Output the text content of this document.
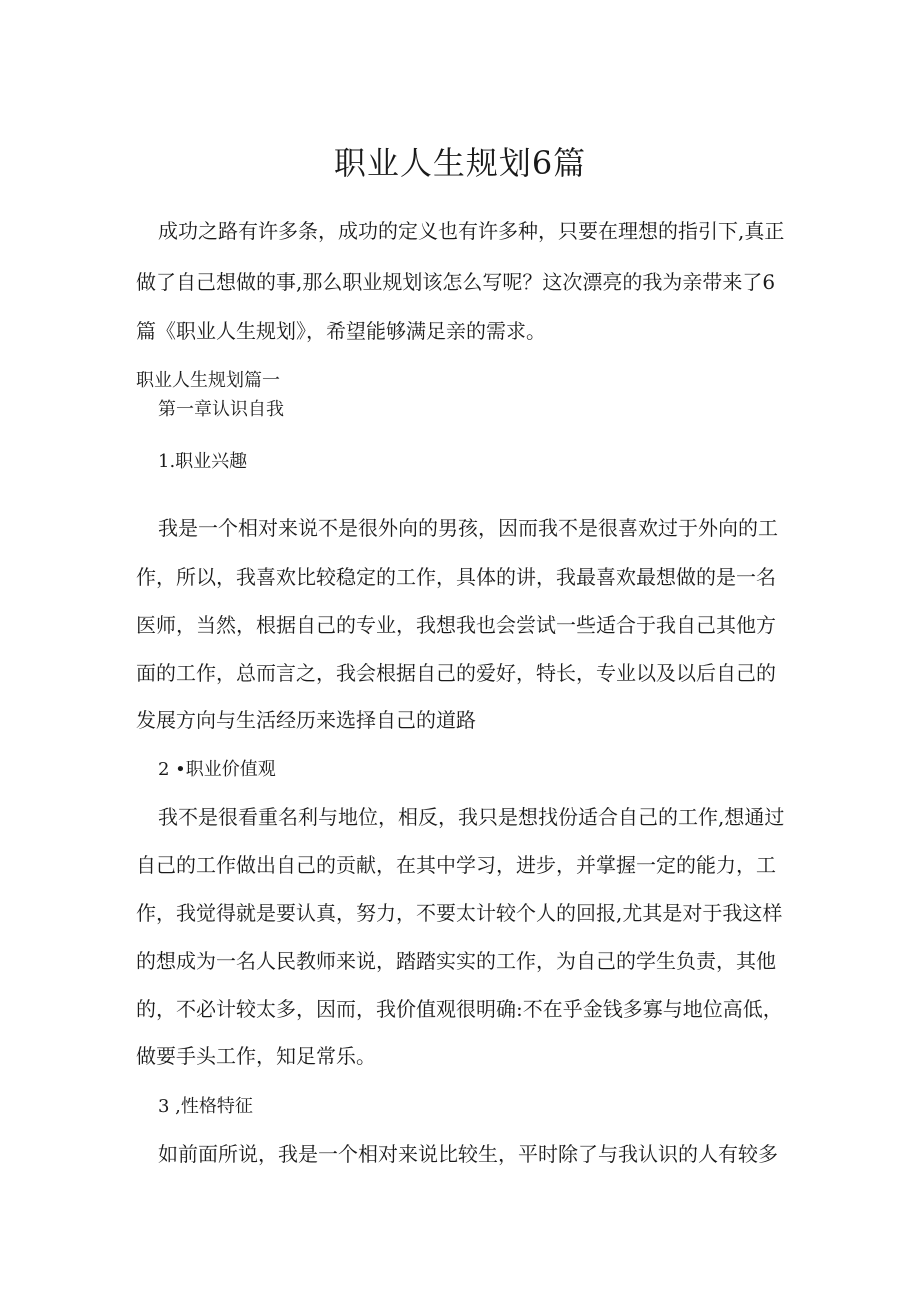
职业人生规划6篇

成功之路有许多条，成功的定义也有许多种，只要在理想的指引下,真正

做了自己想做的事,那么职业规划该怎么写呢？这次漂亮的我为亲带来了6

篇《职业人生规划》，希望能够满足亲的需求。

职业人生规划篇一

第一章认识自我

1.职业兴趣

我是一个相对来说不是很外向的男孩，因而我不是很喜欢过于外向的工

作，所以，我喜欢比较稳定的工作，具体的讲，我最喜欢最想做的是一名

医师，当然，根据自己的专业，我想我也会尝试一些适合于我自己其他方

面的工作，总而言之，我会根据自己的爱好，特长，专业以及以后自己的

发展方向与生活经历来选择自己的道路

2 •职业价值观

我不是很看重名利与地位，相反，我只是想找份适合自己的工作,想通过

自己的工作做出自己的贡献，在其中学习，进步，并掌握一定的能力，工

作，我觉得就是要认真，努力，不要太计较个人的回报,尤其是对于我这样

的想成为一名人民教师来说，踏踏实实的工作，为自己的学生负责，其他

的，不必计较太多，因而，我价值观很明确:不在乎金钱多寡与地位高低，

做要手头工作，知足常乐。

3 ,性格特征

如前面所说，我是一个相对来说比较生，平时除了与我认识的人有较多
